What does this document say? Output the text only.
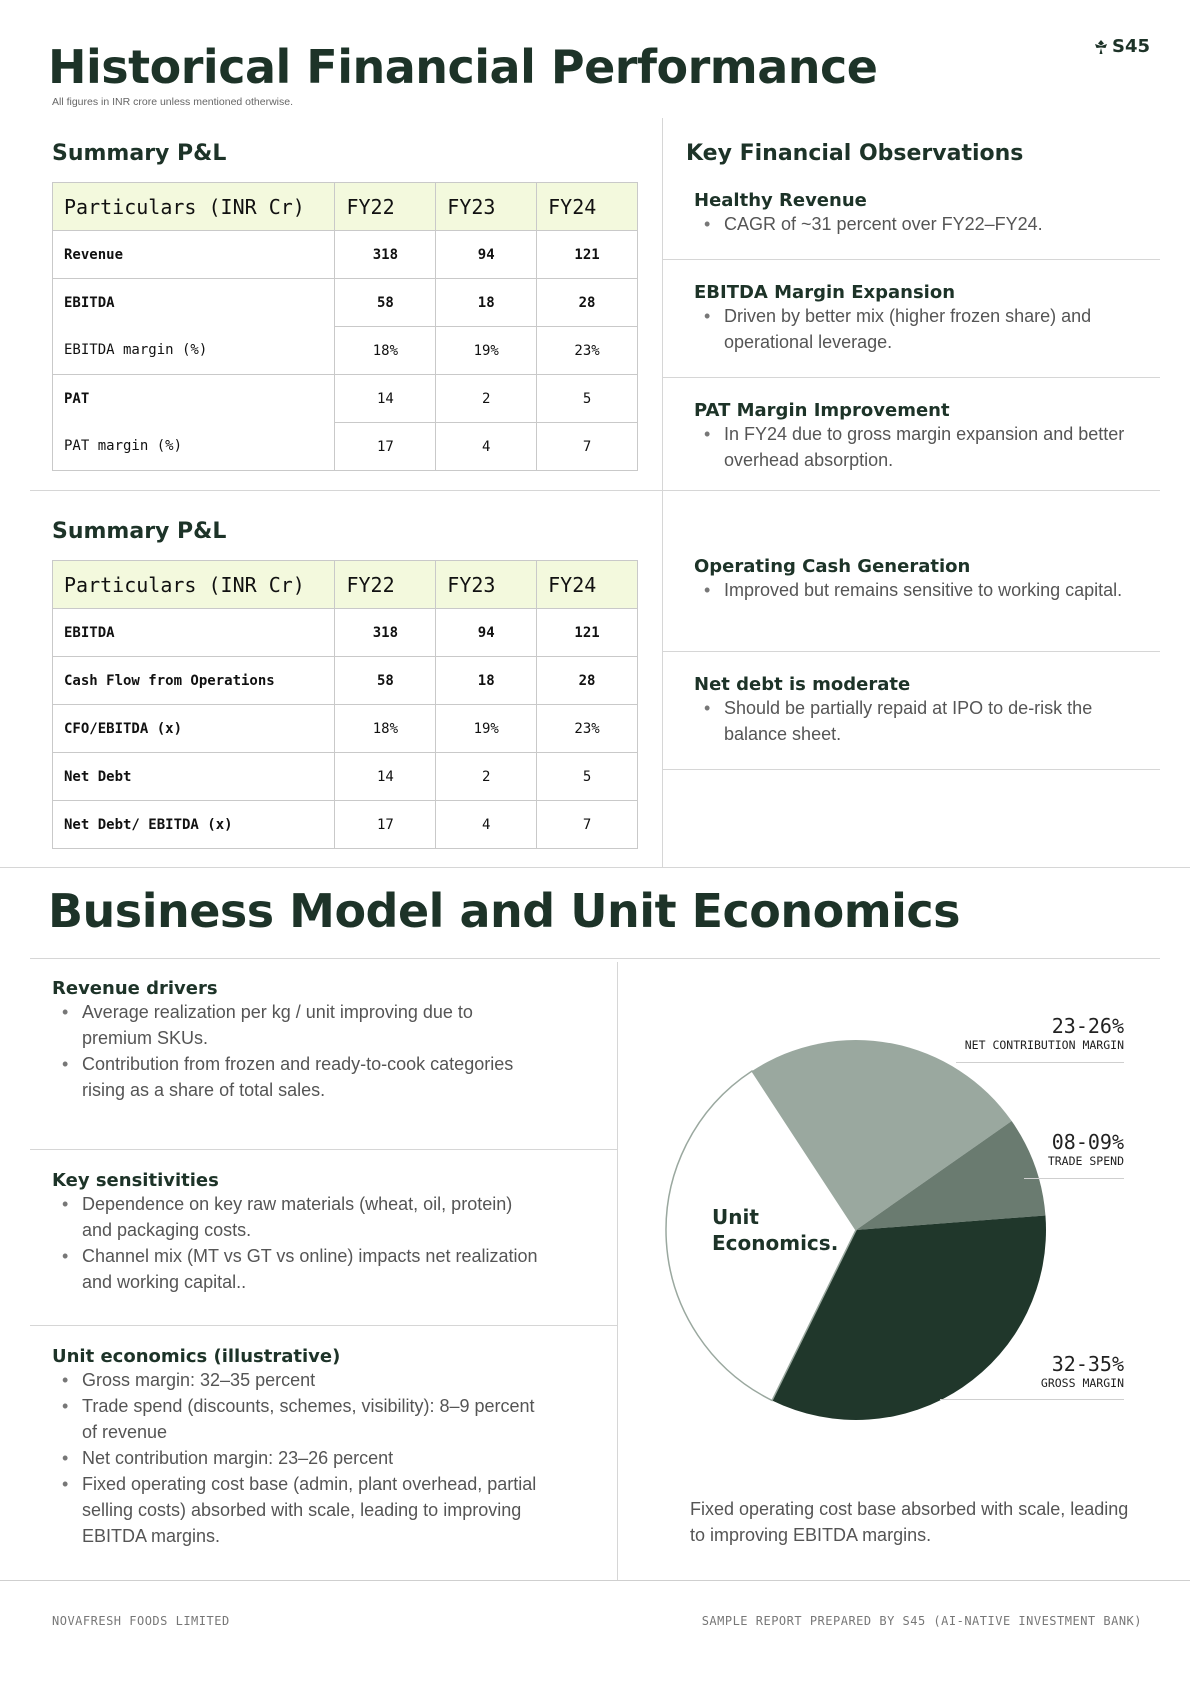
Historical Financial Performance
All figures in INR crore unless mentioned otherwise.
S45
Summary P&L
Particulars (INR Cr)	FY22	FY23	FY24
Revenue	318	94	121
EBITDA	58	18	28
EBITDA margin (%)	18%	19%	23%
PAT	14	2	5
PAT margin (%)	17	4	7
Summary P&L
Particulars (INR Cr)	FY22	FY23	FY24
EBITDA	318	94	121
Cash Flow from Operations	58	18	28
CFO/EBITDA (x)	18%	19%	23%
Net Debt	14	2	5
Net Debt/ EBITDA (x)	17	4	7
Key Financial Observations
Healthy Revenue
• CAGR of ~31 percent over FY22–FY24.
EBITDA Margin Expansion
• Driven by better mix (higher frozen share) and operational leverage.
PAT Margin Improvement
• In FY24 due to gross margin expansion and better overhead absorption.
Operating Cash Generation
• Improved but remains sensitive to working capital.
Net debt is moderate
• Should be partially repaid at IPO to de-risk the balance sheet.
Business Model and Unit Economics
Revenue drivers
• Average realization per kg / unit improving due to premium SKUs.
• Contribution from frozen and ready-to-cook categories rising as a share of total sales.
Key sensitivities
• Dependence on key raw materials (wheat, oil, protein) and packaging costs.
• Channel mix (MT vs GT vs online) impacts net realization and working capital..
Unit economics (illustrative)
• Gross margin: 32–35 percent
• Trade spend (discounts, schemes, visibility): 8–9 percent of revenue
• Net contribution margin: 23–26 percent
• Fixed operating cost base (admin, plant overhead, partial selling costs) absorbed with scale, leading to improving EBITDA margins.
Unit Economics.
23-26%
NET CONTRIBUTION MARGIN
08-09%
TRADE SPEND
32-35%
GROSS MARGIN
Fixed operating cost base absorbed with scale, leading to improving EBITDA margins.
NOVAFRESH FOODS LIMITED	SAMPLE REPORT PREPARED BY S45 (AI-NATIVE INVESTMENT BANK)
